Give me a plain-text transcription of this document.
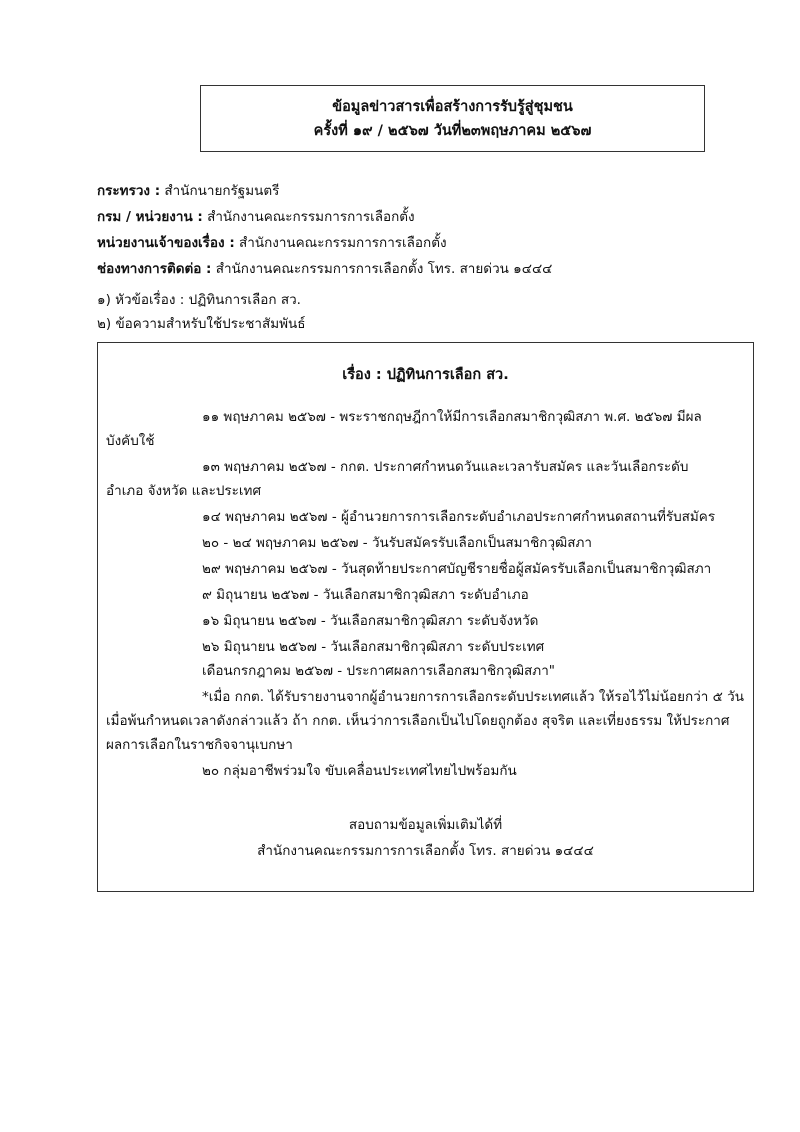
ข้อมูลข่าวสารเพื่อสร้างการรับรู้สู่ชุมชน
ครั้งที่ ๑๙ / ๒๕๖๗ วันที่๒๓พฤษภาคม ๒๕๖๗
กระทรวง : สำนักนายกรัฐมนตรี
กรม / หน่วยงาน : สำนักงานคณะกรรมการการเลือกตั้ง
หน่วยงานเจ้าของเรื่อง : สำนักงานคณะกรรมการการเลือกตั้ง
ช่องทางการติดต่อ : สำนักงานคณะกรรมการการเลือกตั้ง โทร. สายด่วน ๑๔๔๔
๑) หัวข้อเรื่อง : ปฏิทินการเลือก สว.
๒) ข้อความสำหรับใช้ประชาสัมพันธ์
เรื่อง : ปฏิทินการเลือก สว.
๑๑ พฤษภาคม ๒๕๖๗ - พระราชกฤษฎีกาให้มีการเลือกสมาชิกวุฒิสภา พ.ศ. ๒๕๖๗ มีผล
บังคับใช้
๑๓ พฤษภาคม ๒๕๖๗ - กกต. ประกาศกำหนดวันและเวลารับสมัคร และวันเลือกระดับ
อำเภอ จังหวัด และประเทศ
๑๔ พฤษภาคม ๒๕๖๗ - ผู้อำนวยการการเลือกระดับอำเภอประกาศกำหนดสถานที่รับสมัคร
๒๐ - ๒๔ พฤษภาคม ๒๕๖๗ - วันรับสมัครรับเลือกเป็นสมาชิกวุฒิสภา
๒๙ พฤษภาคม ๒๕๖๗ - วันสุดท้ายประกาศบัญชีรายชื่อผู้สมัครรับเลือกเป็นสมาชิกวุฒิสภา
๙ มิถุนายน ๒๕๖๗ - วันเลือกสมาชิกวุฒิสภา ระดับอำเภอ
๑๖ มิถุนายน ๒๕๖๗ - วันเลือกสมาชิกวุฒิสภา ระดับจังหวัด
๒๖ มิถุนายน ๒๕๖๗ - วันเลือกสมาชิกวุฒิสภา ระดับประเทศ
เดือนกรกฎาคม ๒๕๖๗ - ประกาศผลการเลือกสมาชิกวุฒิสภา"
*เมื่อ กกต. ได้รับรายงานจากผู้อำนวยการการเลือกระดับประเทศแล้ว ให้รอไว้ไม่น้อยกว่า ๕ วัน
เมื่อพ้นกำหนดเวลาดังกล่าวแล้ว ถ้า กกต. เห็นว่าการเลือกเป็นไปโดยถูกต้อง สุจริต และเที่ยงธรรม ให้ประกาศ
ผลการเลือกในราชกิจจานุเบกษา
๒๐ กลุ่มอาชีพร่วมใจ ขับเคลื่อนประเทศไทยไปพร้อมกัน
สอบถามข้อมูลเพิ่มเติมได้ที่
สำนักงานคณะกรรมการการเลือกตั้ง โทร. สายด่วน ๑๔๔๔
